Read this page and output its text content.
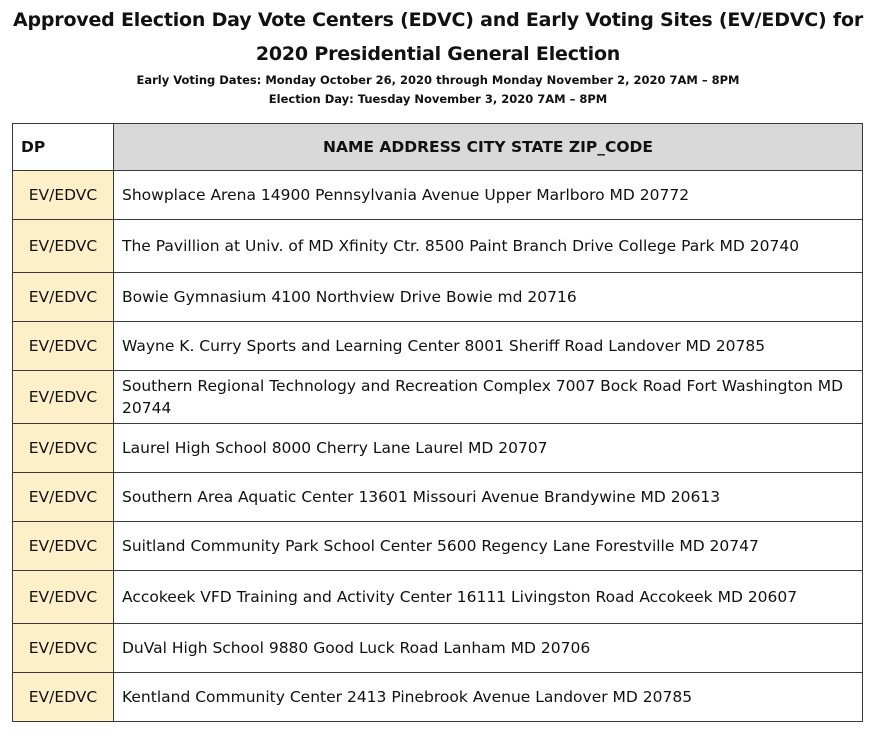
Approved Election Day Vote Centers (EDVC) and Early Voting Sites (EV/EDVC) for
2020 Presidential General Election
Early Voting Dates: Monday October 26, 2020 through Monday November 2, 2020 7AM – 8PM
Election Day: Tuesday November 3, 2020 7AM – 8PM
DP	NAME ADDRESS CITY STATE ZIP_CODE
EV/EDVC	Showplace Arena 14900 Pennsylvania Avenue Upper Marlboro MD 20772
EV/EDVC	The Pavillion at Univ. of MD Xfinity Ctr. 8500 Paint Branch Drive College Park MD 20740
EV/EDVC	Bowie Gymnasium 4100 Northview Drive Bowie md 20716
EV/EDVC	Wayne K. Curry Sports and Learning Center 8001 Sheriff Road Landover MD 20785
EV/EDVC	Southern Regional Technology and Recreation Complex 7007 Bock Road Fort Washington MD 20744
EV/EDVC	Laurel High School 8000 Cherry Lane Laurel MD 20707
EV/EDVC	Southern Area Aquatic Center 13601 Missouri Avenue Brandywine MD 20613
EV/EDVC	Suitland Community Park School Center 5600 Regency Lane Forestville MD 20747
EV/EDVC	Accokeek VFD Training and Activity Center 16111 Livingston Road Accokeek MD 20607
EV/EDVC	DuVal High School 9880 Good Luck Road Lanham MD 20706
EV/EDVC	Kentland Community Center 2413 Pinebrook Avenue Landover MD 20785
